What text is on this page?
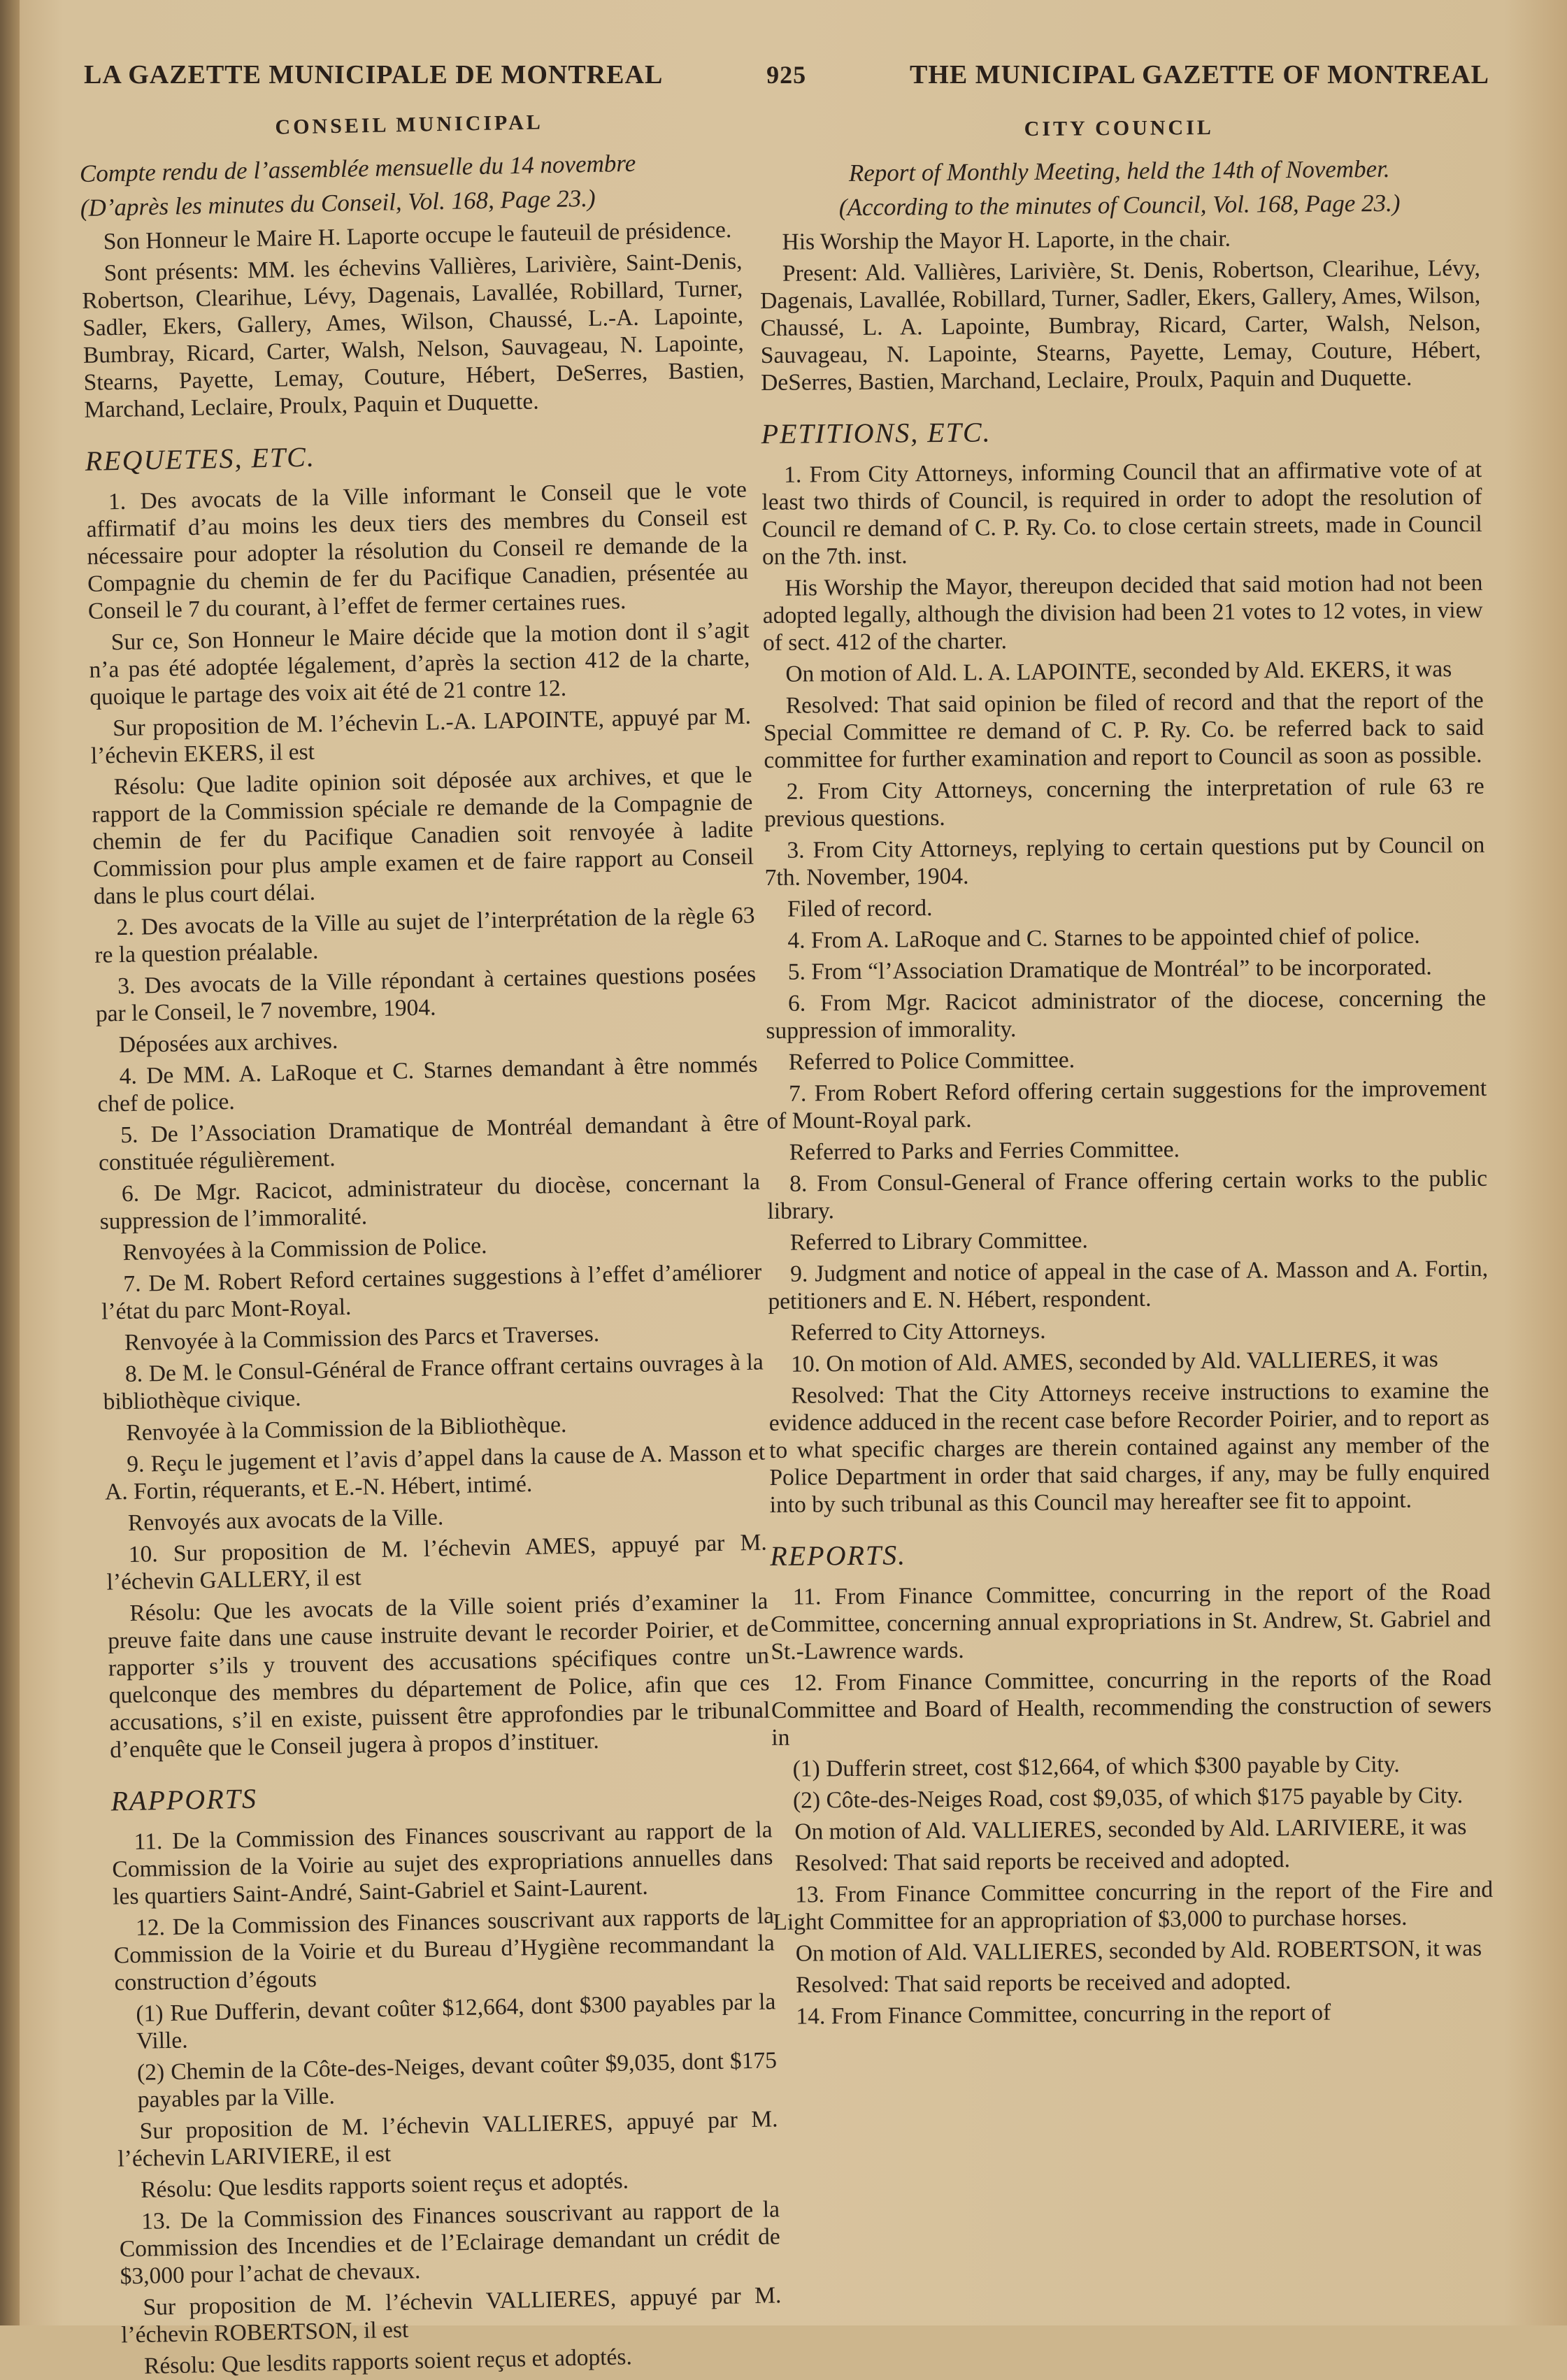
LA GAZETTE MUNICIPALE DE MONTREAL	925	THE MUNICIPAL GAZETTE OF MONTREAL
CONSEIL MUNICIPAL
Compte rendu de l’assemblée mensuelle du 14 novembre
(D’après les minutes du Conseil, Vol. 168, Page 23.)

Son Honneur le Maire H. Laporte occupe le fauteuil de présidence.

Sont présents: MM. les échevins Vallières, Larivière, Saint-Denis, Robertson, Clearihue, Lévy, Dagenais, Lavallée, Robillard, Turner, Sadler, Ekers, Gallery, Ames, Wilson, Chaussé, L.-A. Lapointe, Bumbray, Ricard, Carter, Walsh, Nelson, Sauvageau, N. Lapointe, Stearns, Payette, Lemay, Couture, Hébert, DeSerres, Bastien, Marchand, Leclaire, Proulx, Paquin et Duquette.

REQUETES, ETC.

1. Des avocats de la Ville informant le Conseil que le vote affirmatif d’au moins les deux tiers des membres du Conseil est nécessaire pour adopter la résolution du Conseil re demande de la Compagnie du chemin de fer du Pacifique Canadien, présentée au Conseil le 7 du courant, à l’effet de fermer certaines rues.

Sur ce, Son Honneur le Maire décide que la motion dont il s’agit n’a pas été adoptée légalement, d’après la section 412 de la charte, quoique le partage des voix ait été de 21 contre 12.

Sur proposition de M. l’échevin L.-A. LAPOINTE, appuyé par M. l’échevin EKERS, il est

Résolu: Que ladite opinion soit déposée aux archives, et que le rapport de la Commission spéciale re demande de la Compagnie de chemin de fer du Pacifique Canadien soit renvoyée à ladite Commission pour plus ample examen et de faire rapport au Conseil dans le plus court délai.

2. Des avocats de la Ville au sujet de l’interprétation de la règle 63 re la question préalable.

3. Des avocats de la Ville répondant à certaines questions posées par le Conseil, le 7 novembre, 1904.

Déposées aux archives.

4. De MM. A. LaRoque et C. Starnes demandant à être nommés chef de police.

5. De l’Association Dramatique de Montréal demandant à être constituée régulièrement.

6. De Mgr. Racicot, administrateur du diocèse, concernant la suppression de l’immoralité.

Renvoyées à la Commission de Police.

7. De M. Robert Reford certaines suggestions à l’effet d’améliorer l’état du parc Mont-Royal.

Renvoyée à la Commission des Parcs et Traverses.

8. De M. le Consul-Général de France offrant certains ouvrages à la bibliothèque civique.

Renvoyée à la Commission de la Bibliothèque.

9. Reçu le jugement et l’avis d’appel dans la cause de A. Masson et A. Fortin, réquerants, et E.-N. Hébert, intimé.

Renvoyés aux avocats de la Ville.

10. Sur proposition de M. l’échevin AMES, appuyé par M. l’échevin GALLERY, il est

Résolu: Que les avocats de la Ville soient priés d’examiner la preuve faite dans une cause instruite devant le recorder Poirier, et de rapporter s’ils y trouvent des accusations spécifiques contre un quelconque des membres du département de Police, afin que ces accusations, s’il en existe, puissent être approfondies par le tribunal d’enquête que le Conseil jugera à propos d’instituer.

RAPPORTS

11. De la Commission des Finances souscrivant au rapport de la Commission de la Voirie au sujet des expropriations annuelles dans les quartiers Saint-André, Saint-Gabriel et Saint-Laurent.

12. De la Commission des Finances souscrivant aux rapports de la Commission de la Voirie et du Bureau d’Hygiène recommandant la construction d’égouts

(1) Rue Dufferin, devant coûter $12,664, dont $300 payables par la Ville.

(2) Chemin de la Côte-des-Neiges, devant coûter $9,035, dont $175 payables par la Ville.

Sur proposition de M. l’échevin VALLIERES, appuyé par M. l’échevin LARIVIERE, il est

Résolu: Que lesdits rapports soient reçus et adoptés.

13. De la Commission des Finances souscrivant au rapport de la Commission des Incendies et de l’Eclairage demandant un crédit de $3,000 pour l’achat de chevaux.

Sur proposition de M. l’échevin VALLIERES, appuyé par M. l’échevin ROBERTSON, il est

Résolu: Que lesdits rapports soient reçus et adoptés.

CITY COUNCIL
Report of Monthly Meeting, held the 14th of November.
(According to the minutes of Council, Vol. 168, Page 23.)

His Worship the Mayor H. Laporte, in the chair.

Present: Ald. Vallières, Larivière, St. Denis, Robertson, Clearihue, Lévy, Dagenais, Lavallée, Robillard, Turner, Sadler, Ekers, Gallery, Ames, Wilson, Chaussé, L. A. Lapointe, Bumbray, Ricard, Carter, Walsh, Nelson, Sauvageau, N. Lapointe, Stearns, Payette, Lemay, Couture, Hébert, DeSerres, Bastien, Marchand, Leclaire, Proulx, Paquin and Duquette.

PETITIONS, ETC.

1. From City Attorneys, informing Council that an affirmative vote of at least two thirds of Council, is required in order to adopt the resolution of Council re demand of C. P. Ry. Co. to close certain streets, made in Council on the 7th. inst.

His Worship the Mayor, thereupon decided that said motion had not been adopted legally, although the division had been 21 votes to 12 votes, in view of sect. 412 of the charter.

On motion of Ald. L. A. LAPOINTE, seconded by Ald. EKERS, it was

Resolved: That said opinion be filed of record and that the report of the Special Committee re demand of C. P. Ry. Co. be referred back to said committee for further examination and report to Council as soon as possible.

2. From City Attorneys, concerning the interpretation of rule 63 re previous questions.

3. From City Attorneys, replying to certain questions put by Council on 7th. November, 1904.

Filed of record.

4. From A. LaRoque and C. Starnes to be appointed chief of police.

5. From “l’Association Dramatique de Montréal” to be incorporated.

6. From Mgr. Racicot administrator of the diocese, concerning the suppression of immorality.

Referred to Police Committee.

7. From Robert Reford offering certain suggestions for the improvement of Mount-Royal park.

Referred to Parks and Ferries Committee.

8. From Consul-General of France offering certain works to the public library.

Referred to Library Committee.

9. Judgment and notice of appeal in the case of A. Masson and A. Fortin, petitioners and E. N. Hébert, respondent.

Referred to City Attorneys.

10. On motion of Ald. AMES, seconded by Ald. VALLIERES, it was

Resolved: That the City Attorneys receive instructions to examine the evidence adduced in the recent case before Recorder Poirier, and to report as to what specific charges are therein contained against any member of the Police Department in order that said charges, if any, may be fully enquired into by such tribunal as this Council may hereafter see fit to appoint.

REPORTS.

11. From Finance Committee, concurring in the report of the Road Committee, concerning annual expropriations in St. Andrew, St. Gabriel and St.-Lawrence wards.

12. From Finance Committee, concurring in the reports of the Road Committee and Board of Health, recommending the construction of sewers in

(1) Dufferin street, cost $12,664, of which $300 payable by City.

(2) Côte-des-Neiges Road, cost $9,035, of which $175 payable by City.

On motion of Ald. VALLIERES, seconded by Ald. LARIVIERE, it was

Resolved: That said reports be received and adopted.

13. From Finance Committee concurring in the report of the Fire and Light Committee for an appropriation of $3,000 to purchase horses.

On motion of Ald. VALLIERES, seconded by Ald. ROBERTSON, it was

Resolved: That said reports be received and adopted.

14. From Finance Committee, concurring in the report of
